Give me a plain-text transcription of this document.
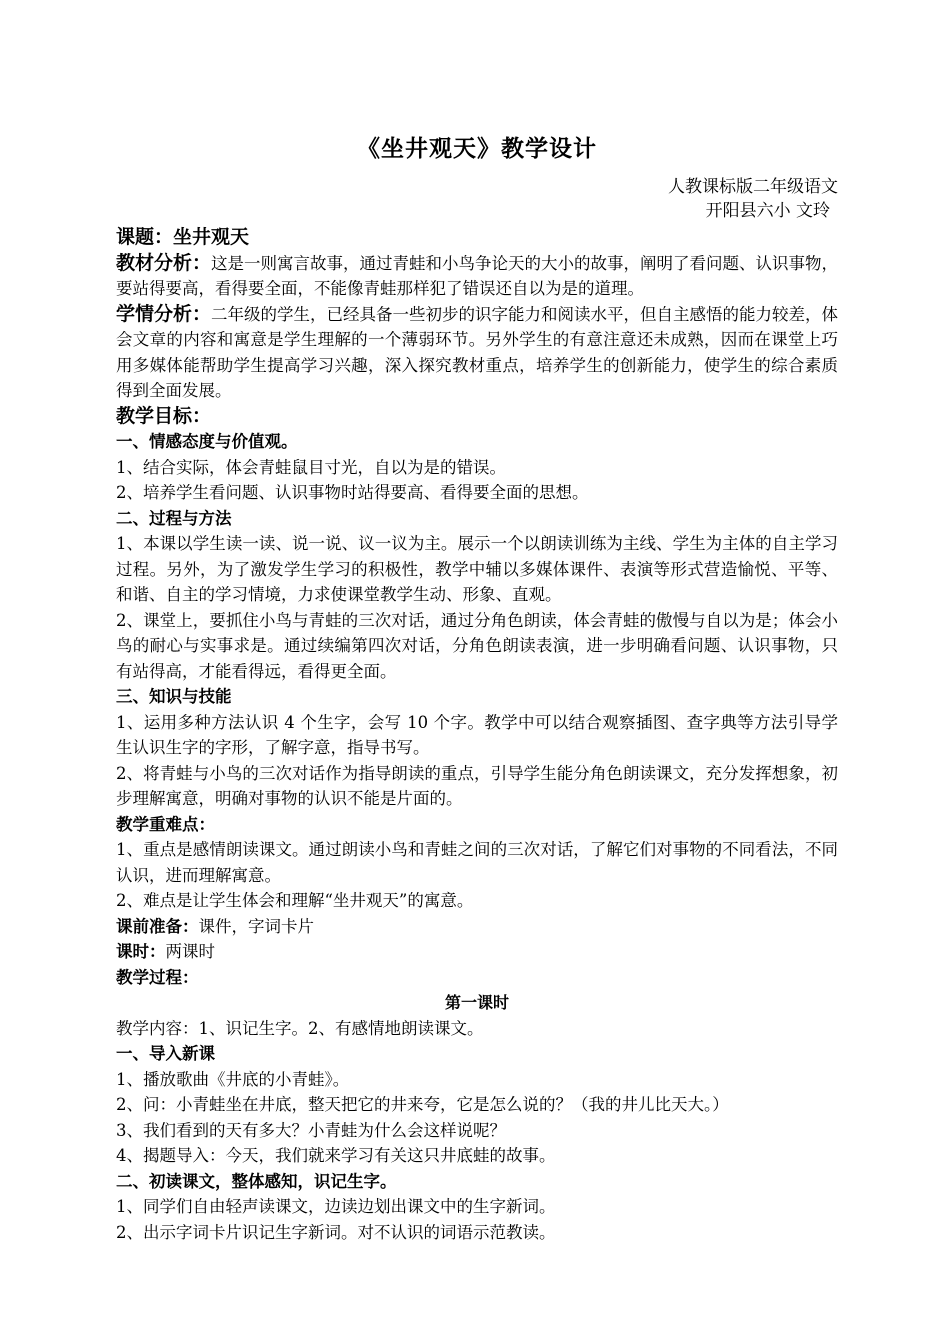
《坐井观天》教学设计
人教课标版二年级语文
开阳县六小 文玲

课题：坐井观天

教材分析：这是一则寓言故事，通过青蛙和小鸟争论天的大小的故事，阐明了看问题、认识事物，要站得要高，看得要全面，不能像青蛙那样犯了错误还自以为是的道理。

学情分析：二年级的学生，已经具备一些初步的识字能力和阅读水平，但自主感悟的能力较差，体会文章的内容和寓意是学生理解的一个薄弱环节。另外学生的有意注意还未成熟，因而在课堂上巧用多媒体能帮助学生提高学习兴趣，深入探究教材重点，培养学生的创新能力，使学生的综合素质得到全面发展。

教学目标：

一、情感态度与价值观。

1、结合实际，体会青蛙鼠目寸光，自以为是的错误。

2、培养学生看问题、认识事物时站得要高、看得要全面的思想。

二、过程与方法

1、本课以学生读一读、说一说、议一议为主。展示一个以朗读训练为主线、学生为主体的自主学习过程。另外，为了激发学生学习的积极性，教学中辅以多媒体课件、表演等形式营造愉悦、平等、和谐、自主的学习情境，力求使课堂教学生动、形象、直观。

2、课堂上，要抓住小鸟与青蛙的三次对话，通过分角色朗读，体会青蛙的傲慢与自以为是；体会小鸟的耐心与实事求是。通过续编第四次对话，分角色朗读表演，进一步明确看问题、认识事物，只有站得高，才能看得远，看得更全面。

三、知识与技能

1、运用多种方法认识 4 个生字，会写 10 个字。教学中可以结合观察插图、查字典等方法引导学生认识生字的字形，了解字意，指导书写。

2、将青蛙与小鸟的三次对话作为指导朗读的重点，引导学生能分角色朗读课文，充分发挥想象，初步理解寓意，明确对事物的认识不能是片面的。

教学重难点：

1、重点是感情朗读课文。通过朗读小鸟和青蛙之间的三次对话，了解它们对事物的不同看法，不同认识，进而理解寓意。

2、难点是让学生体会和理解“坐井观天”的寓意。

课前准备：课件，字词卡片

课时：两课时

教学过程：

第一课时

教学内容：1、识记生字。2、有感情地朗读课文。

一、导入新课

1、播放歌曲《井底的小青蛙》。

2、问：小青蛙坐在井底，整天把它的井来夸，它是怎么说的？（我的井儿比天大。）

3、我们看到的天有多大？小青蛙为什么会这样说呢？

4、揭题导入：今天，我们就来学习有关这只井底蛙的故事。

二、初读课文，整体感知，识记生字。

1、同学们自由轻声读课文，边读边划出课文中的生字新词。

2、出示字词卡片识记生字新词。对不认识的词语示范教读。
